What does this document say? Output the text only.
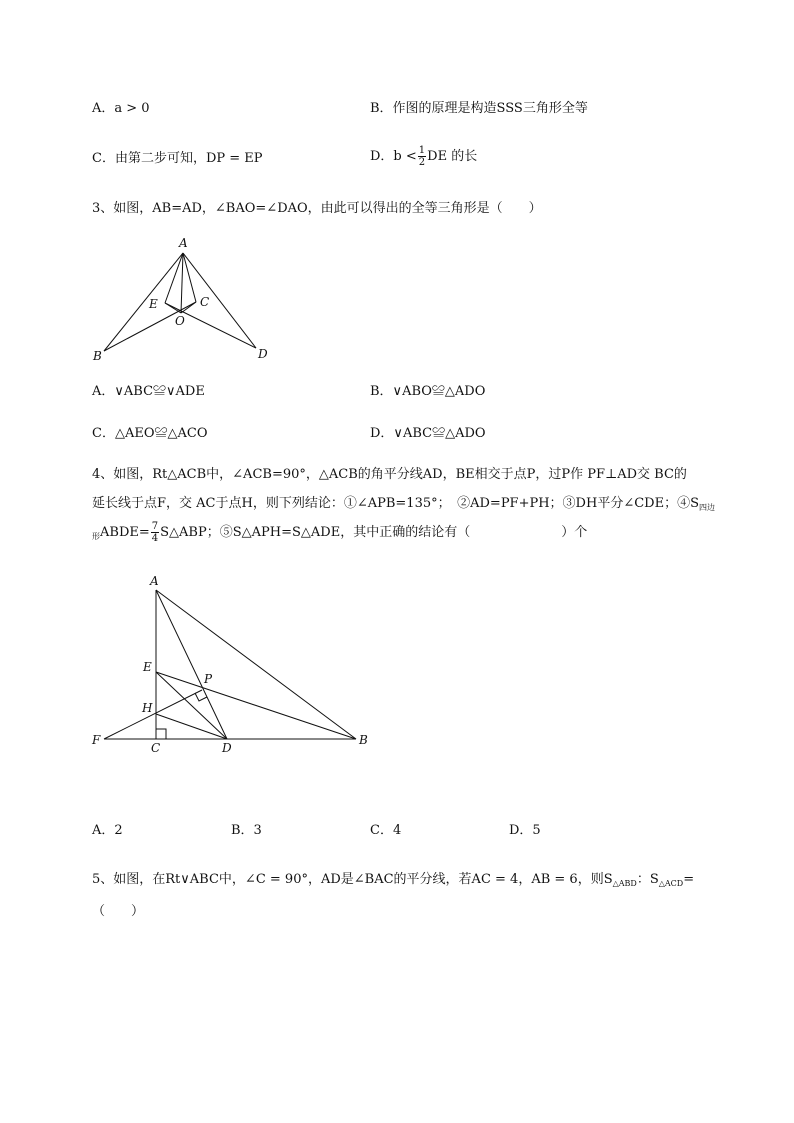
A．a > 0	B．作图的原理是构造SSS三角形全等
C．由第二步可知，DP = EP	D．$b < \frac{1}{2}$ DE 的长
3、如图，AB=AD，∠BAO=∠DAO，由此可以得出的全等三角形是（　　）
A
B
C
D
E
O
A．∨ABC≌∨ADE	B．∨ABO≌△ADO
C．△AEO≌△ACO	D．∨ABC≌△ADO
4、如图，Rt△ACB中，∠ACB=90°，△ACB的角平分线AD，BE相交于点P，过P作 PF⊥AD交 BC的
延长线于点F，交 AC于点H，则下列结论：①∠APB=135°；　②AD=PF+PH；③DH平分∠CDE；$④S_{四边}$
$_形$ABDE= $\frac{7}{4}$ S△ABP；⑤S△APH=S△ADE，其中正确的结论有（　　　　　　　）个
A
E
P
H
F
C	D
B
A．2	B．3	C．4	D．5
5、如图，在Rt∨ABC中，∠C = 90°，AD是∠BAC的平分线，若AC = 4，AB = 6，则$S_{\triangle ABD}$：$S_{\triangle ACD}=$
（　　）
